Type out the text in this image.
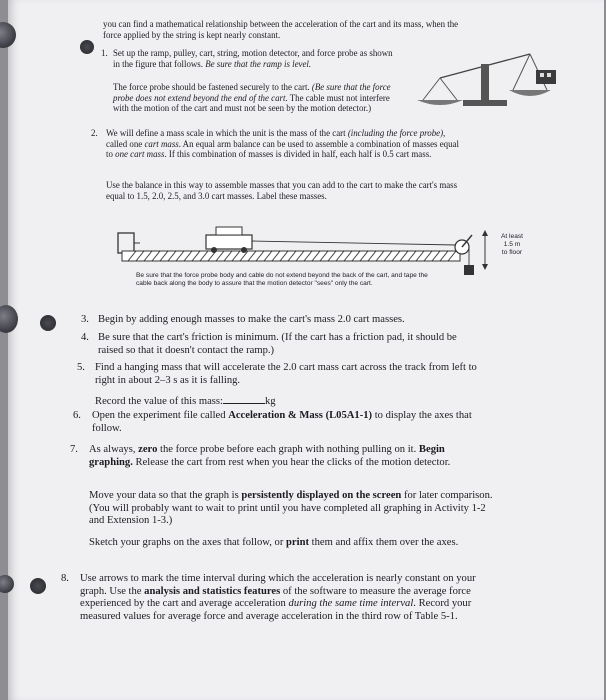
you can find a mathematical relationship between the acceleration of the cart and its mass, when the force applied by the string is kept nearly constant.
1. Set up the ramp, pulley, cart, string, motion detector, and force probe as shown in the figure that follows. Be sure that the ramp is level.
The force probe should be fastened securely to the cart. (Be sure that the force probe does not extend beyond the end of the cart. The cable must not interfere with the motion of the cart and must not be seen by the motion detector.)
2. We will define a mass scale in which the unit is the mass of the cart (including the force probe), called one cart mass. An equal arm balance can be used to assemble a combination of masses equal to one cart mass. If this combination of masses is divided in half, each half is 0.5 cart mass.
Use the balance in this way to assemble masses that you can add to the cart to make the cart's mass equal to 1.5, 2.0, 2.5, and 3.0 cart masses. Label these masses.
At least
1.5 m
to floor
Be sure that the force probe body and cable do not extend beyond the back of the cart, and tape the cable back along the body to assure that the motion detector "sees" only the cart.
3. Begin by adding enough masses to make the cart's mass 2.0 cart masses.
4. Be sure that the cart's friction is minimum. (If the cart has a friction pad, it should be raised so that it doesn't contact the ramp.)
5. Find a hanging mass that will accelerate the 2.0 cart mass cart across the track from left to right in about 2–3 s as it is falling.
Record the value of this mass:	kg
6. Open the experiment file called Acceleration & Mass (L05A1-1) to display the axes that follow.
7. As always, zero the force probe before each graph with nothing pulling on it. Begin graphing. Release the cart from rest when you hear the clicks of the motion detector.
Move your data so that the graph is persistently displayed on the screen for later comparison. (You will probably want to wait to print until you have completed all graphing in Activity 1-2 and Extension 1-3.)
Sketch your graphs on the axes that follow, or print them and affix them over the axes.
8. Use arrows to mark the time interval during which the acceleration is nearly constant on your graph. Use the analysis and statistics features of the software to measure the average force experienced by the cart and average acceleration during the same time interval. Record your measured values for average force and average acceleration in the third row of Table 5-1.
